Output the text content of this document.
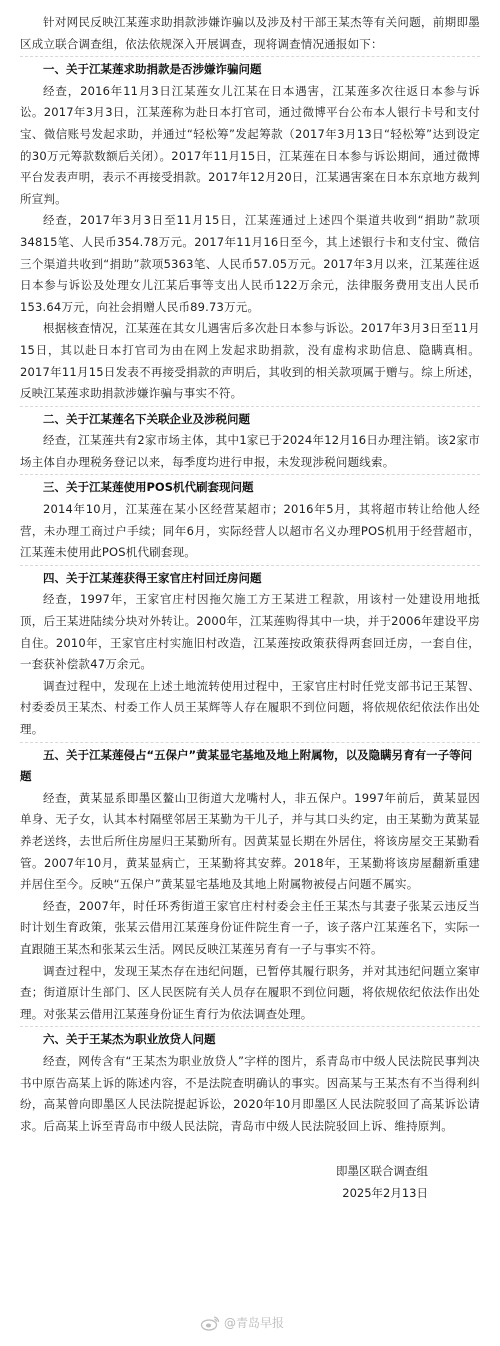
针对网民反映江某莲求助捐款涉嫌诈骗以及涉及村干部王某杰等有关问题，前期即墨区成立联合调查组，依法依规深入开展调查，现将调查情况通报如下：

一、关于江某莲求助捐款是否涉嫌诈骗问题

经查，2016年11月3日江某莲女儿江某在日本遇害，江某莲多次往返日本参与诉讼。2017年3月3日，江某莲称为赴日本打官司，通过微博平台公布本人银行卡号和支付宝、微信账号发起求助，并通过“轻松筹”发起筹款（2017年3月13日“轻松筹”达到设定的30万元筹款数额后关闭）。2017年11月15日，江某莲在日本参与诉讼期间，通过微博平台发表声明，表示不再接受捐款。2017年12月20日，江某遇害案在日本东京地方裁判所宣判。

经查，2017年3月3日至11月15日，江某莲通过上述四个渠道共收到“捐助”款项34815笔、人民币354.78万元。2017年11月16日至今，其上述银行卡和支付宝、微信三个渠道共收到“捐助”款项5363笔、人民币57.05万元。2017年3月以来，江某莲往返日本参与诉讼及处理女儿江某后事等支出人民币122万余元，法律服务费用支出人民币153.64万元，向社会捐赠人民币89.73万元。

根据核查情况，江某莲在其女儿遇害后多次赴日本参与诉讼。2017年3月3日至11月15日，其以赴日本打官司为由在网上发起求助捐款，没有虚构求助信息、隐瞒真相。2017年11月15日发表不再接受捐款的声明后，其收到的相关款项属于赠与。综上所述，反映江某莲求助捐款涉嫌诈骗与事实不符。

二、关于江某莲名下关联企业及涉税问题

经查，江某莲共有2家市场主体，其中1家已于2024年12月16日办理注销。该2家市场主体自办理税务登记以来，每季度均进行申报，未发现涉税问题线索。

三、关于江某莲使用POS机代刷套现问题

2014年10月，江某莲在某小区经营某超市；2016年5月，其将超市转让给他人经营，未办理工商过户手续；同年6月，实际经营人以超市名义办理POS机用于经营超市，江某莲未使用此POS机代刷套现。

四、关于江某莲获得王家官庄村回迁房问题

经查，1997年，王家官庄村因拖欠施工方王某进工程款，用该村一处建设用地抵顶，后王某进陆续分块对外转让。2000年，江某莲购得其中一块，并于2006年建设平房自住。2010年，王家官庄村实施旧村改造，江某莲按政策获得两套回迁房，一套自住，一套获补偿款47万余元。

调查过程中，发现在上述土地流转使用过程中，王家官庄村时任党支部书记王某智、村委委员王某杰、村委工作人员王某辉等人存在履职不到位问题，将依规依纪依法作出处理。

五、关于江某莲侵占“五保户”黄某显宅基地及地上附属物，以及隐瞒另育有一子等问题

经查，黄某显系即墨区鳌山卫街道大龙嘴村人，非五保户。1997年前后，黄某显因单身、无子女，认其本村隔壁邻居王某勤为干儿子，并与其口头约定，由王某勤为黄某显养老送终，去世后所住房屋归王某勤所有。因黄某显长期在外居住，将该房屋交王某勤看管。2007年10月，黄某显病亡，王某勤将其安葬。2018年，王某勤将该房屋翻新重建并居住至今。反映“五保户”黄某显宅基地及其地上附属物被侵占问题不属实。

经查，2007年，时任环秀街道王家官庄村村委会主任王某杰与其妻子张某云违反当时计划生育政策，张某云借用江某莲身份证件院生育一子，该子落户江某莲名下，实际一直跟随王某杰和张某云生活。网民反映江某莲另育有一子与事实不符。

调查过程中，发现王某杰存在违纪问题，已暂停其履行职务，并对其违纪问题立案审查；街道原计生部门、区人民医院有关人员存在履职不到位问题，将依规依纪依法作出处理。对张某云借用江某莲身份证生育行为依法调查处理。

六、关于王某杰为职业放贷人问题

经查，网传含有“王某杰为职业放贷人”字样的图片，系青岛市中级人民法院民事判决书中原告高某上诉的陈述内容，不是法院查明确认的事实。因高某与王某杰有不当得利纠纷，高某曾向即墨区人民法院提起诉讼，2020年10月即墨区人民法院驳回了高某诉讼请求。后高某上诉至青岛市中级人民法院，青岛市中级人民法院驳回上诉、维持原判。

即墨区联合调查组

2025年2月13日

@青岛早报
